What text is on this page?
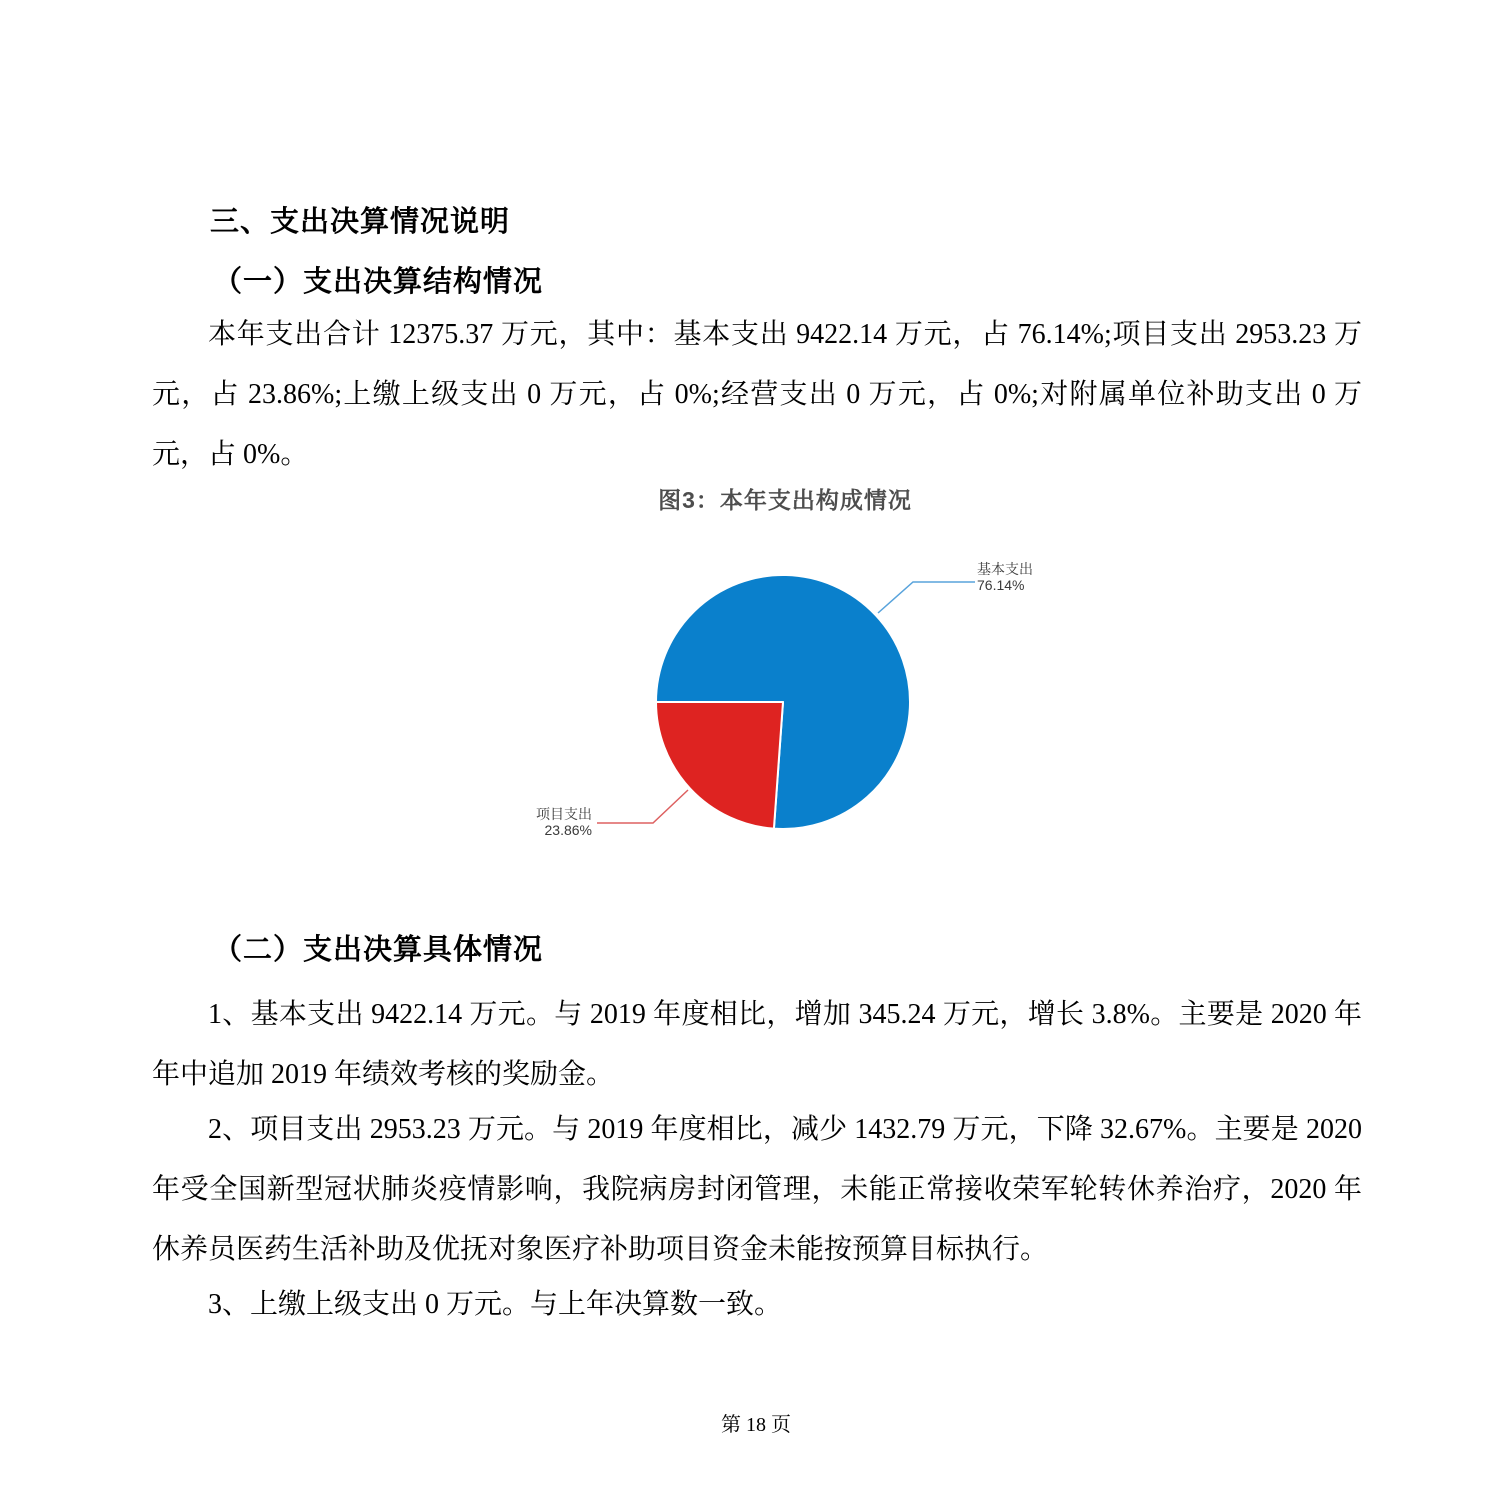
三、支出决算情况说明
（一）支出决算结构情况
本年支出合计 12375.37 万元，其中：基本支出 9422.14 万元，占 76.14%;项目支出 2953.23 万元，占 23.86%;上缴上级支出 0 万元，占 0%;经营支出 0 万元，占 0%;对附属单位补助支出 0 万元，占 0%。
图3：本年支出构成情况
基本支出
76.14%
项目支出
23.86%
（二）支出决算具体情况
1、基本支出 9422.14 万元。与 2019 年度相比，增加 345.24 万元，增长 3.8%。主要是 2020 年年中追加 2019 年绩效考核的奖励金。
2、项目支出 2953.23 万元。与 2019 年度相比，减少 1432.79 万元，下降 32.67%。主要是 2020 年受全国新型冠状肺炎疫情影响，我院病房封闭管理，未能正常接收荣军轮转休养治疗，2020 年休养员医药生活补助及优抚对象医疗补助项目资金未能按预算目标执行。
3、上缴上级支出 0 万元。与上年决算数一致。
第 18 页
